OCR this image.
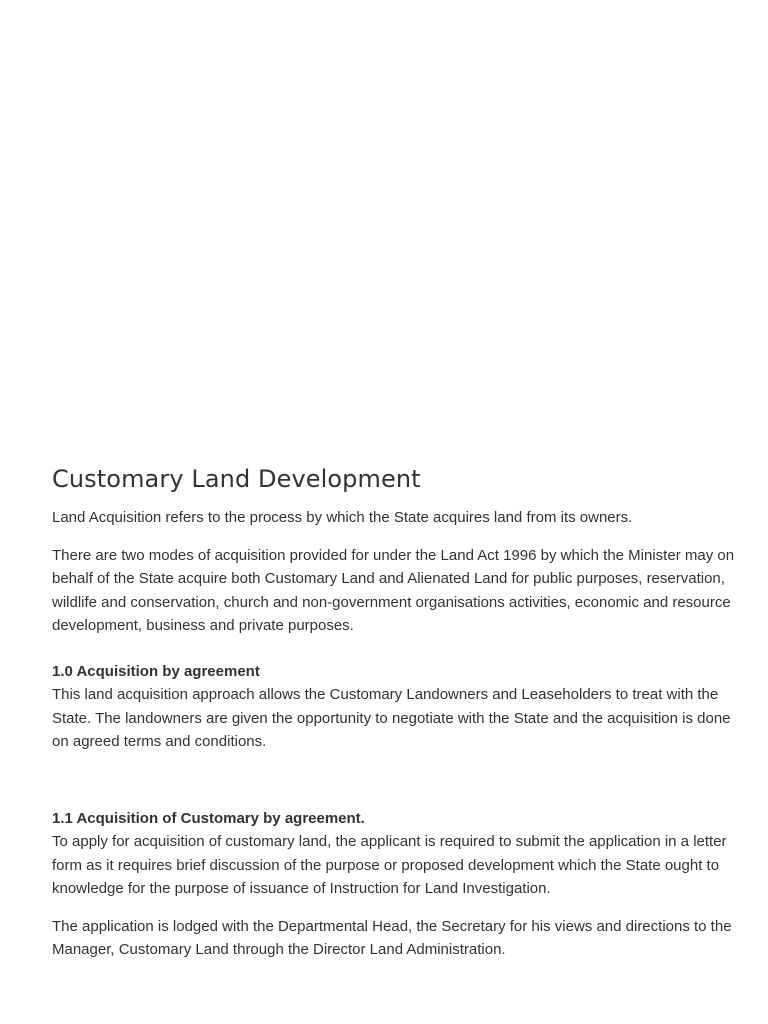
Customary Land Development

Land Acquisition refers to the process by which the State acquires land from its owners.

There are two modes of acquisition provided for under the Land Act 1996 by which the Minister may on

behalf of the State acquire both Customary Land and Alienated Land for public purposes, reservation,

wildlife and conservation, church and non-government organisations activities, economic and resource

development, business and private purposes.

1.0 Acquisition by agreement

This land acquisition approach allows the Customary Landowners and Leaseholders to treat with the

State. The landowners are given the opportunity to negotiate with the State and the acquisition is done

on agreed terms and conditions.

1.1 Acquisition of Customary by agreement.

To apply for acquisition of customary land, the applicant is required to submit the application in a letter

form as it requires brief discussion of the purpose or proposed development which the State ought to

knowledge for the purpose of issuance of Instruction for Land Investigation.

The application is lodged with the Departmental Head, the Secretary for his views and directions to the

Manager, Customary Land through the Director Land Administration.
